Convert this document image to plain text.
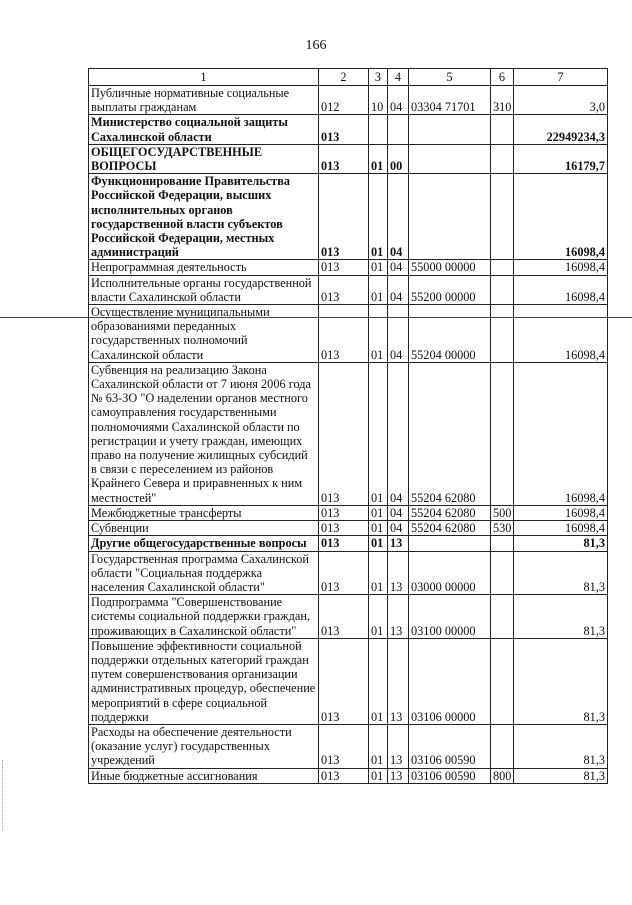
166
1	2	3	4	5	6	7
Публичные нормативные социальные выплаты гражданам	012	10	04	03304 71701	310	3,0
Министерство социальной защиты Сахалинской области	013					22949234,3
ОБЩЕГОСУДАРСТВЕННЫЕ ВОПРОСЫ	013	01	00			16179,7
Функционирование Правительства Российской Федерации, высших исполнительных органов государственной власти субъектов Российской Федерации, местных администраций	013	01	04			16098,4
Непрограммная деятельность	013	01	04	55000 00000		16098,4
Исполнительные органы государственной власти Сахалинской области	013	01	04	55200 00000		16098,4
Осуществление муниципальными образованиями переданных государственных полномочий Сахалинской области	013	01	04	55204 00000		16098,4
Субвенция на реализацию Закона Сахалинской области от 7 июня 2006 года № 63-ЗО "О наделении органов местного самоуправления государственными полномочиями Сахалинской области по регистрации и учету граждан, имеющих право на получение жилищных субсидий в связи с переселением из районов Крайнего Севера и приравненных к ним местностей"	013	01	04	55204 62080		16098,4
Межбюджетные трансферты	013	01	04	55204 62080	500	16098,4
Субвенции	013	01	04	55204 62080	530	16098,4
Другие общегосударственные вопросы	013	01	13			81,3
Государственная программа Сахалинской области "Социальная поддержка населения Сахалинской области"	013	01	13	03000 00000		81,3
Подпрограмма "Совершенствование системы социальной поддержки граждан, проживающих в Сахалинской области"	013	01	13	03100 00000		81,3
Повышение эффективности социальной поддержки отдельных категорий граждан путем совершенствования организации административных процедур, обеспечение мероприятий в сфере социальной поддержки	013	01	13	03106 00000		81,3
Расходы на обеспечение деятельности (оказание услуг) государственных учреждений	013	01	13	03106 00590		81,3
Иные бюджетные ассигнования	013	01	13	03106 00590	800	81,3
